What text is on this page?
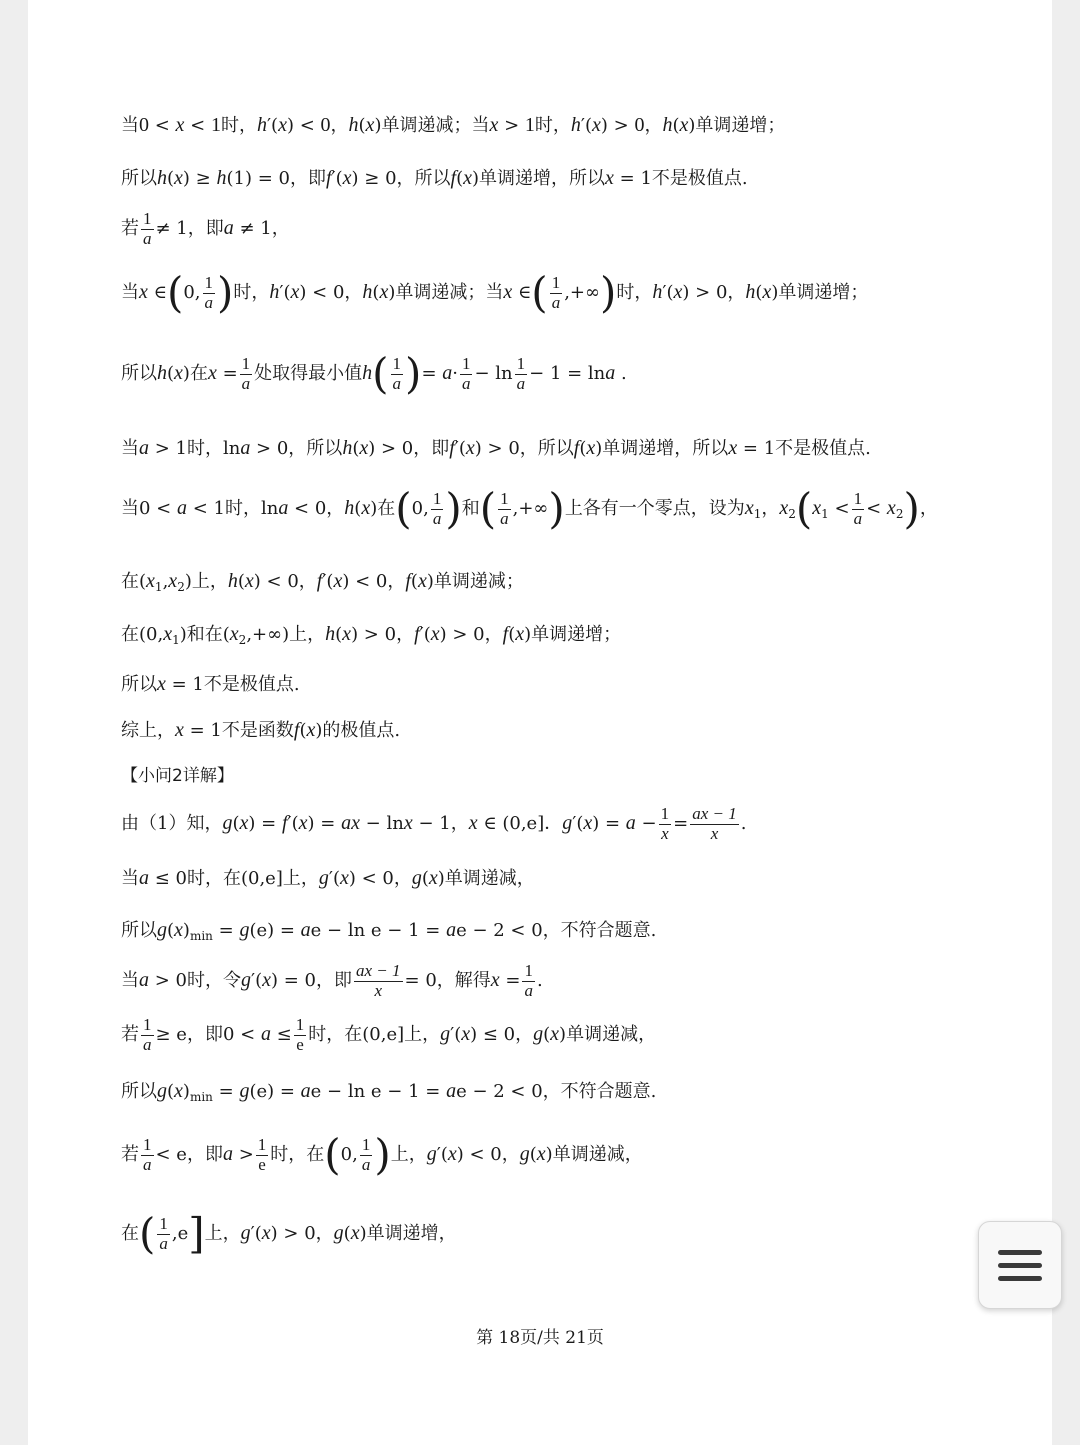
当0 < x < 1时，h′(x) < 0，h(x)单调递减；当x > 1时，h′(x) > 0，h(x)单调递增；
所以h(x) ≥ h(1) = 0，即f′(x) ≥ 0，所以f(x)单调递增，所以x = 1不是极值点.
若 $\frac{1}{a} \ne 1$，即a ≠ 1，
当x ∈(0, $\frac{1}{a}$ )时，h′(x) < 0，h(x)单调递减；当x ∈( $\frac{1}{a}$ ,+∞)时，h′(x) > 0，h(x)单调递增；
所以h(x)在$x = \frac{1}{a}$ 处取得最小值$h( \frac{1}{a}$ )= $a\cdot \frac{1}{a} - \ln \frac{1}{a} - 1 = \ln a$ .
当a > 1时，lna > 0，所以h(x) > 0，即f′(x) > 0，所以f(x)单调递增，所以x = 1不是极值点.
当0 < a < 1时，lna < 0，h(x)在(0, $\frac{1}{a}$ )和( $\frac{1}{a}$ ,+∞)上各有一个零点，设为$x_1$，$x_2(x_1 < \frac{1}{a} < x_2)$，
在$(x_1,x_2)$上，h(x) < 0，f′(x) < 0，f(x)单调递减；
在$(0,x_1)$和在$(x_2,+\infty)$上，h(x) > 0，f′(x) > 0，f(x)单调递增；
所以x = 1不是极值点.
综上，x = 1不是函数f(x)的极值点.
【小问2详解】
由（1）知，g(x) = f′(x) = ax − lnx − 1，x ∈ (0,e]．$g'(x) = a - \frac{1}{x} = \frac{ax - 1}{x}$ .
当a ≤ 0时，在(0,e]上，g′(x) < 0，g(x)单调递减，
所以$g(x)_{min} = g(e)$ = ae − ln e − 1 = ae − 2 < 0，不符合题意.
当a > 0时，令g′(x) = 0，即 $\frac{ax - 1}{x} = 0$，解得$x = \frac{1}{a}$ .
若 $\frac{1}{a} \ge e$，即$0 < a \le \frac{1}{e}$ 时，在(0,e]上，g′(x) ≤ 0，g(x)单调递减，
所以$g(x)_{min} = g(e)$ = ae − ln e − 1 = ae − 2 < 0，不符合题意.
若 $\frac{1}{a} < e$，即$a > \frac{1}{e}$ 时，在(0, $\frac{1}{a}$ )上，g′(x) < 0，g(x)单调递减，
在( $\frac{1}{a} ,e$]上，g′(x) > 0，g(x)单调递增，
第 18页/共 21页
